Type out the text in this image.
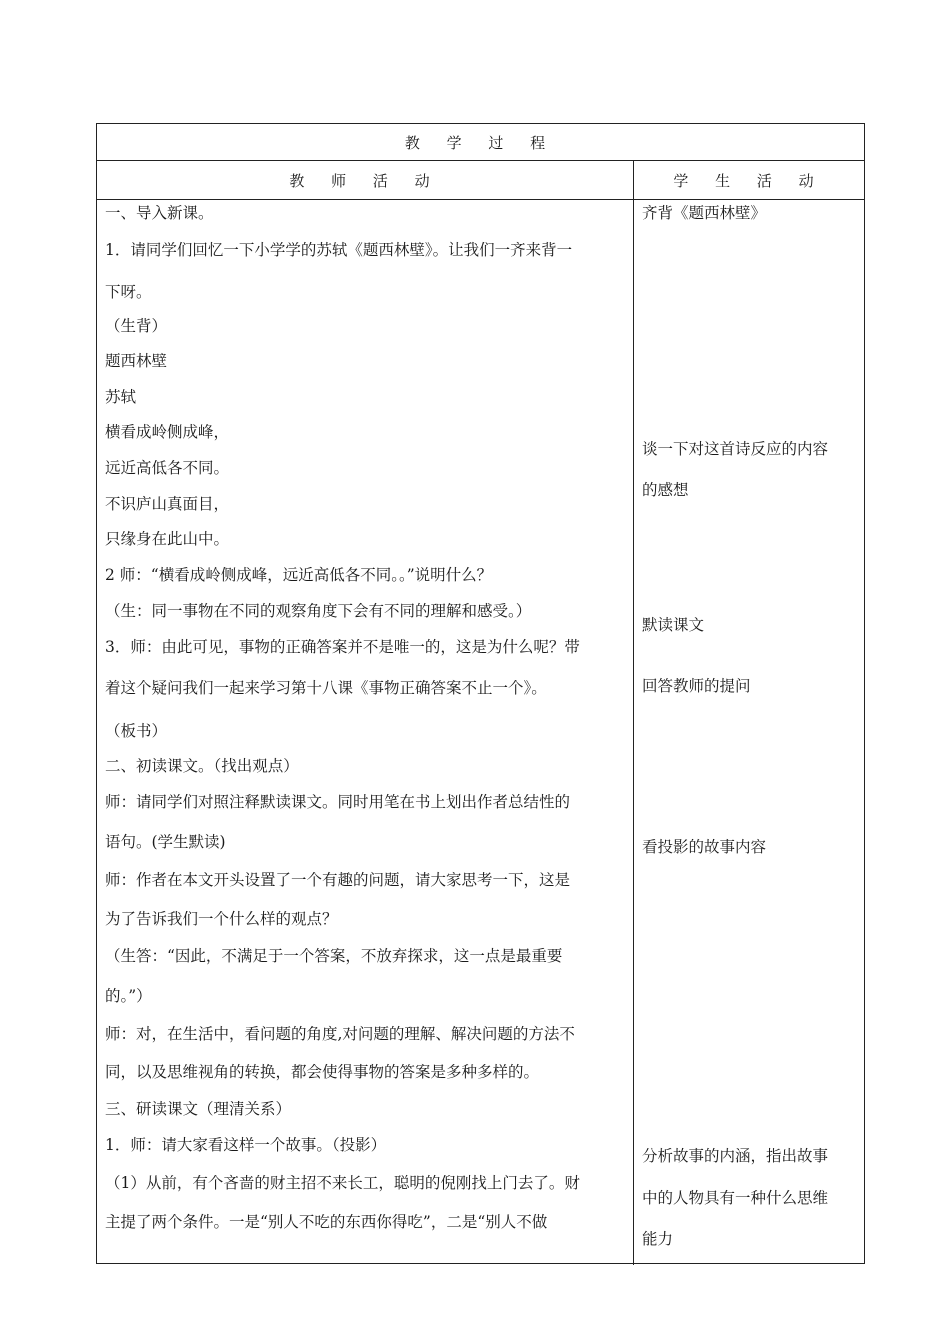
教 学 过 程
教 师 活 动	学 生 活 动
一、导入新课。
1．请同学们回忆一下小学学的苏轼《题西林壁》。让我们一齐来背一
下呀。
（生背）
题西林壁
苏轼
横看成岭侧成峰，
远近高低各不同。
不识庐山真面目，
只缘身在此山中。
2 师：“横看成岭侧成峰，远近高低各不同。。”说明什么？
（生：同一事物在不同的观察角度下会有不同的理解和感受。）
3．师：由此可见，事物的正确答案并不是唯一的，这是为什么呢？带
着这个疑问我们一起来学习第十八课《事物正确答案不止一个》。
（板书）
二、初读课文。（找出观点）
师：请同学们对照注释默读课文。同时用笔在书上划出作者总结性的
语句。(学生默读)
师：作者在本文开头设置了一个有趣的问题，请大家思考一下，这是
为了告诉我们一个什么样的观点？
（生答：“因此，不满足于一个答案，不放弃探求，这一点是最重要
的。”）
师：对，在生活中，看问题的角度,对问题的理解、解决问题的方法不
同，以及思维视角的转换，都会使得事物的答案是多种多样的。
三、研读课文（理清关系）
1．师：请大家看这样一个故事。（投影）
（1）从前，有个吝啬的财主招不来长工，聪明的倪刚找上门去了。财
主提了两个条件。一是“别人不吃的东西你得吃”，二是“别人不做
齐背《题西林壁》
谈一下对这首诗反应的内容
的感想
默读课文
回答教师的提问
看投影的故事内容
分析故事的内涵，指出故事
中的人物具有一种什么思维
能力
